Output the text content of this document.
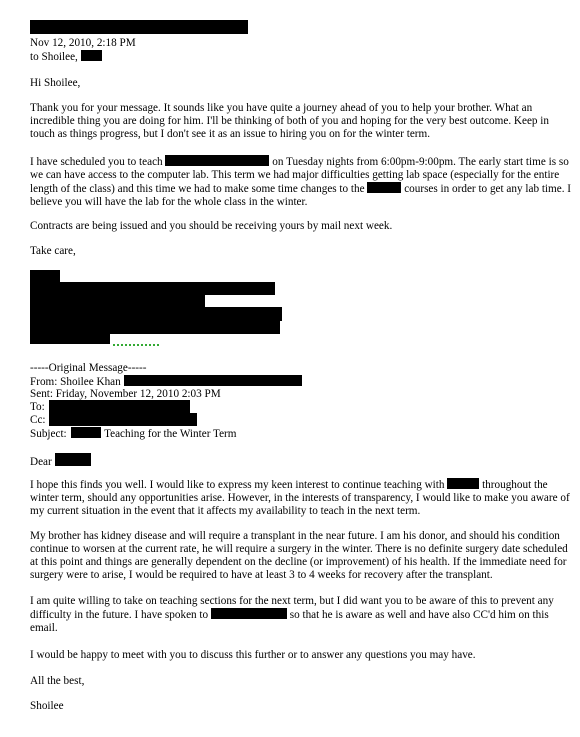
Nov 12, 2010, 2:18 PM
to Shoilee,
Hi Shoilee,
Thank you for your message. It sounds like you have quite a journey ahead of you to help your brother. What an incredible thing you are doing for him. I'll be thinking of both of you and hoping for the very best outcome. Keep in touch as things progress, but I don't see it as an issue to hiring you on for the winter term.
I have scheduled you to teach	on Tuesday nights from 6:00pm-9:00pm. The early start time is so we can have access to the computer lab. This term we had major difficulties getting lab space (especially for the entire length of the class) and this time we had to make some time changes to the	courses in order to get any lab time. I believe you will have the lab for the whole class in the winter.
Contracts are being issued and you should be receiving yours by mail next week.
Take care,
-----Original Message-----
From: Shoilee Khan
Sent: Friday, November 12, 2010 2:03 PM
To:
Cc:
Subject:	Teaching for the Winter Term
Dear
I hope this finds you well. I would like to express my keen interest to continue teaching with	throughout the winter term, should any opportunities arise. However, in the interests of transparency, I would like to make you aware of my current situation in the event that it affects my availability to teach in the next term.
My brother has kidney disease and will require a transplant in the near future. I am his donor, and should his condition continue to worsen at the current rate, he will require a surgery in the winter. There is no definite surgery date scheduled at this point and things are generally dependent on the decline (or improvement) of his health. If the immediate need for surgery were to arise, I would be required to have at least 3 to 4 weeks for recovery after the transplant.
I am quite willing to take on teaching sections for the next term, but I did want you to be aware of this to prevent any difficulty in the future. I have spoken to	so that he is aware as well and have also CC'd him on this email.
I would be happy to meet with you to discuss this further or to answer any questions you may have.
All the best,
Shoilee
